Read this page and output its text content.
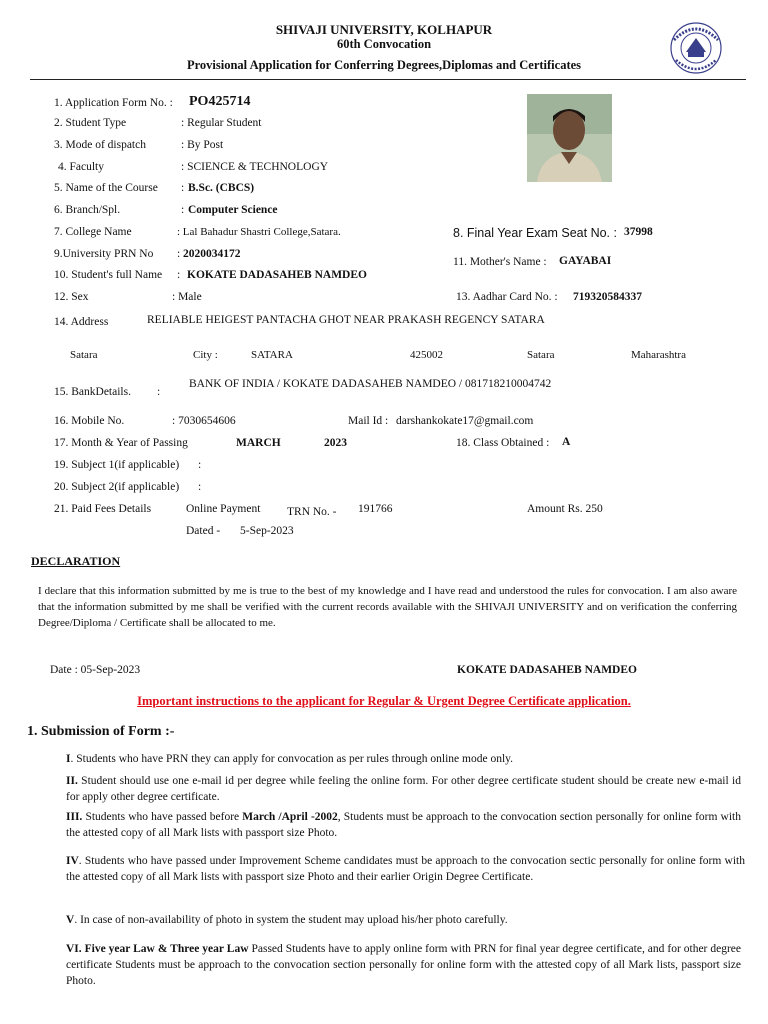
SHIVAJI UNIVERSITY, KOLHAPUR
60th Convocation
Provisional Application for Conferring Degrees,Diplomas and Certificates
1. Application Form No. : PO425714
2. Student Type	: Regular Student
3. Mode of dispatch	: By Post
4. Faculty	: SCIENCE & TECHNOLOGY
5. Name of the Course : B.Sc. (CBCS)
6. Branch/Spl.	: Computer Science
7. College Name	: Lal Bahadur Shastri College,Satara.	8. Final Year Exam Seat No. : 37998
9.University PRN No : 2020034172
11. Mother's Name : GAYABAI
10. Student's full Name : KOKATE DADASAHEB NAMDEO
12. Sex	: Male	13. Aadhar Card No. : 719320584337
14. Address	RELIABLE HEIGEST PANTACHA GHOT NEAR PRAKASH REGENCY SATARA
Satara	City :	SATARA	425002	Satara	Maharashtra
15. BankDetails. :
BANK OF INDIA / KOKATE DADASAHEB NAMDEO / 081718210004742
16. Mobile No.	: 7030654606	Mail Id : darshankokate17@gmail.com
17. Month & Year of Passing	MARCH	2023	18. Class Obtained : A
19. Subject 1(if applicable) :
20. Subject 2(if applicable) :
21. Paid Fees Details	Online Payment TRN No. - 191766	Amount Rs. 250
Dated - 5-Sep-2023
DECLARATION
I declare that this information submitted by me is true to the best of my knowledge and I have read and understood the rules for convocation. I am also aware that the information submitted by me shall be verified with the current records available with the SHIVAJI UNIVERSITY and on verification the conferring Degree/Diploma / Certificate shall be allocated to me.
Date : 05-Sep-2023	KOKATE DADASAHEB NAMDEO
Important instructions to the applicant for Regular & Urgent Degree Certificate application.
1. Submission of Form :-
I. Students who have PRN they can apply for convocation as per rules through online mode only.
II. Student should use one e-mail id per degree while feeling the online form. For other degree certificate student should be create new e-mail id for apply other degree certificate.
III. Students who have passed before March /April -2002, Students must be approach to the convocation section personally for online form with the attested copy of all Mark lists with passport size Photo.
IV. Students who have passed under Improvement Scheme candidates must be approach to the convocation sectic personally for online form with the attested copy of all Mark lists with passport size Photo and their earlier Origin Degree Certificate.
V. In case of non-availability of photo in system the student may upload his/her photo carefully.
VI. Five year Law & Three year Law Passed Students have to apply online form with PRN for final year degree certificate, and for other degree certificate Students must be approach to the convocation section personally for online form with the attested copy of all Mark lists, passport size Photo.
